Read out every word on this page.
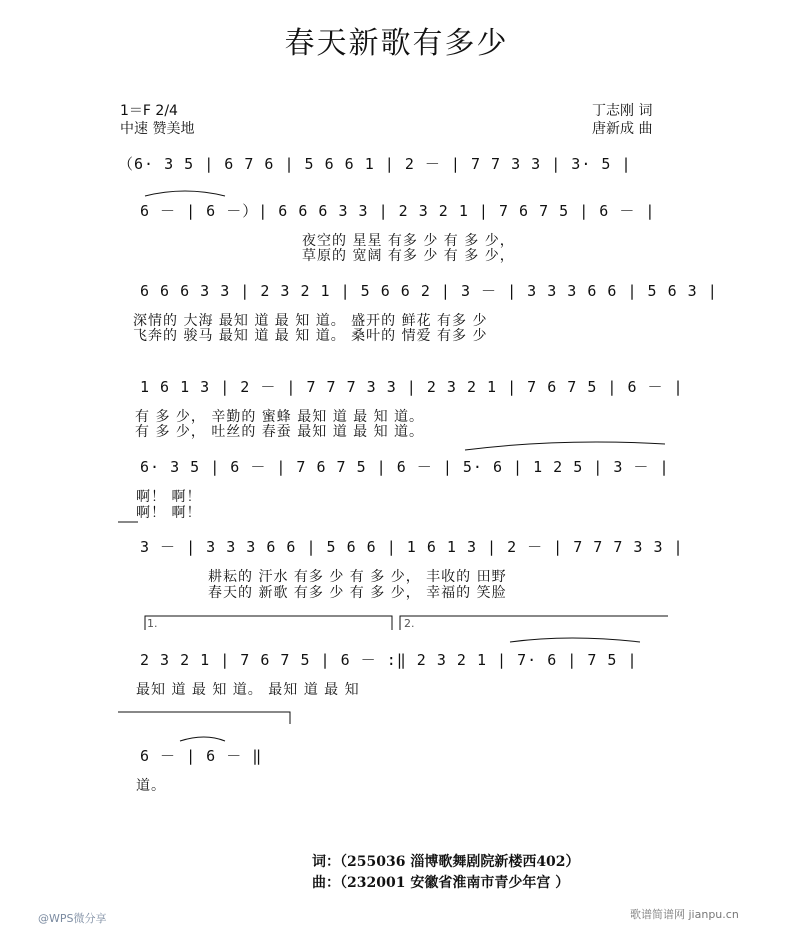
春天新歌有多少
1＝F 2/4
中速 赞美地
丁志刚 词
唐新成 曲
（6· 3 5 | 6 7 6 | 5 6 6 1 | 2 － | 7 7 3 3 | 3· 5 |
6 － | 6 －）| 6 6 6 3 3 | 2 3 2 1 | 7 6 7 5 | 6 － |
夜空的 星星 有多 少 有 多 少，
草原的 宽阔 有多 少 有 多 少，
6 6 6 3 3 | 2 3 2 1 | 5 6 6 2 | 3 － | 3 3 3 6 6 | 5 6 3 |
深情的 大海 最知 道 最 知 道。 盛开的 鲜花 有多 少
飞奔的 骏马 最知 道 最 知 道。 桑叶的 情爱 有多 少
1 6 1 3 | 2 － | 7 7 7 3 3 | 2 3 2 1 | 7 6 7 5 | 6 － |
有 多 少， 辛勤的 蜜蜂 最知 道 最 知 道。
有 多 少， 吐丝的 春蚕 最知 道 最 知 道。
6· 3 5 | 6 － | 7 6 7 5 | 6 － | 5· 6 | 1 2 5 | 3 － |
啊！ 啊！
啊！ 啊！
3 － | 3 3 3 6 6 | 5 6 6 | 1 6 1 3 | 2 － | 7 7 7 3 3 |
耕耘的 汗水 有多 少 有 多 少， 丰收的 田野
春天的 新歌 有多 少 有 多 少， 幸福的 笑脸
1.	2.
2 3 2 1 | 7 6 7 5 | 6 － :‖ 2 3 2 1 | 7· 6 | 7 5 |
最知 道 最 知 道。 最知 道 最 知
6 － | 6 － ‖
道。
词：（255036 淄博歌舞剧院新楼西402）
曲：（232001 安徽省淮南市青少年宫 ）
@WPS微分享	歌谱简谱网 jianpu.cn
